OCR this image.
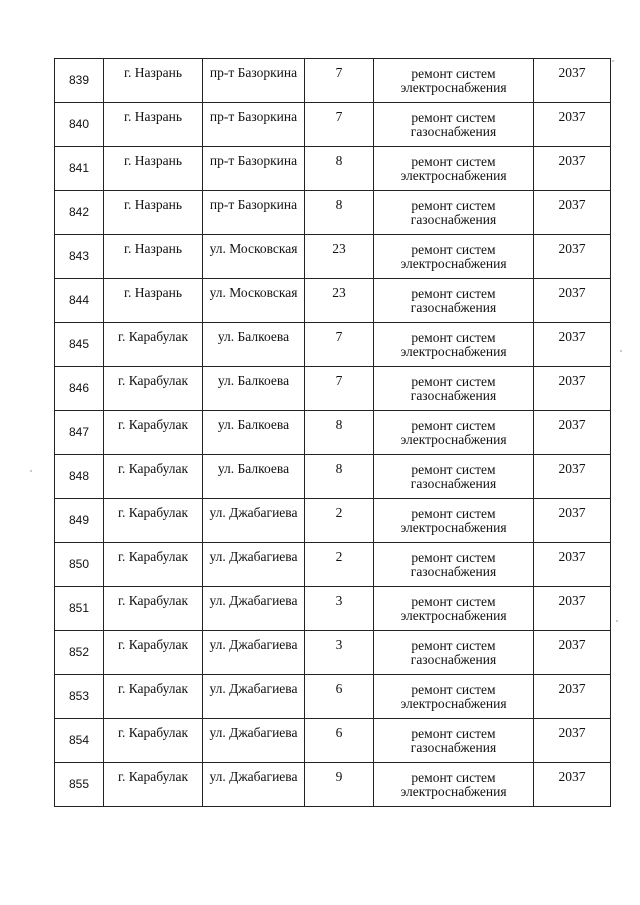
839	г. Назрань	пр-т Базоркина	7	ремонт систем электроснабжения	2037

840	г. Назрань	пр-т Базоркина	7	ремонт систем газоснабжения	2037

841	г. Назрань	пр-т Базоркина	8	ремонт систем электроснабжения	2037

842	г. Назрань	пр-т Базоркина	8	ремонт систем газоснабжения	2037

843	г. Назрань	ул. Московская	23	ремонт систем электроснабжения	2037

844	г. Назрань	ул. Московская	23	ремонт систем газоснабжения	2037

845	г. Карабулак	ул. Балкоева	7	ремонт систем электроснабжения	2037

846	г. Карабулак	ул. Балкоева	7	ремонт систем газоснабжения	2037

847	г. Карабулак	ул. Балкоева	8	ремонт систем электроснабжения	2037

848	г. Карабулак	ул. Балкоева	8	ремонт систем газоснабжения	2037

849	г. Карабулак	ул. Джабагиева	2	ремонт систем электроснабжения	2037

850	г. Карабулак	ул. Джабагиева	2	ремонт систем газоснабжения	2037

851	г. Карабулак	ул. Джабагиева	3	ремонт систем электроснабжения	2037

852	г. Карабулак	ул. Джабагиева	3	ремонт систем газоснабжения	2037

853	г. Карабулак	ул. Джабагиева	6	ремонт систем электроснабжения	2037

854	г. Карабулак	ул. Джабагиева	6	ремонт систем газоснабжения	2037

855	г. Карабулак	ул. Джабагиева	9	ремонт систем электроснабжения	2037
